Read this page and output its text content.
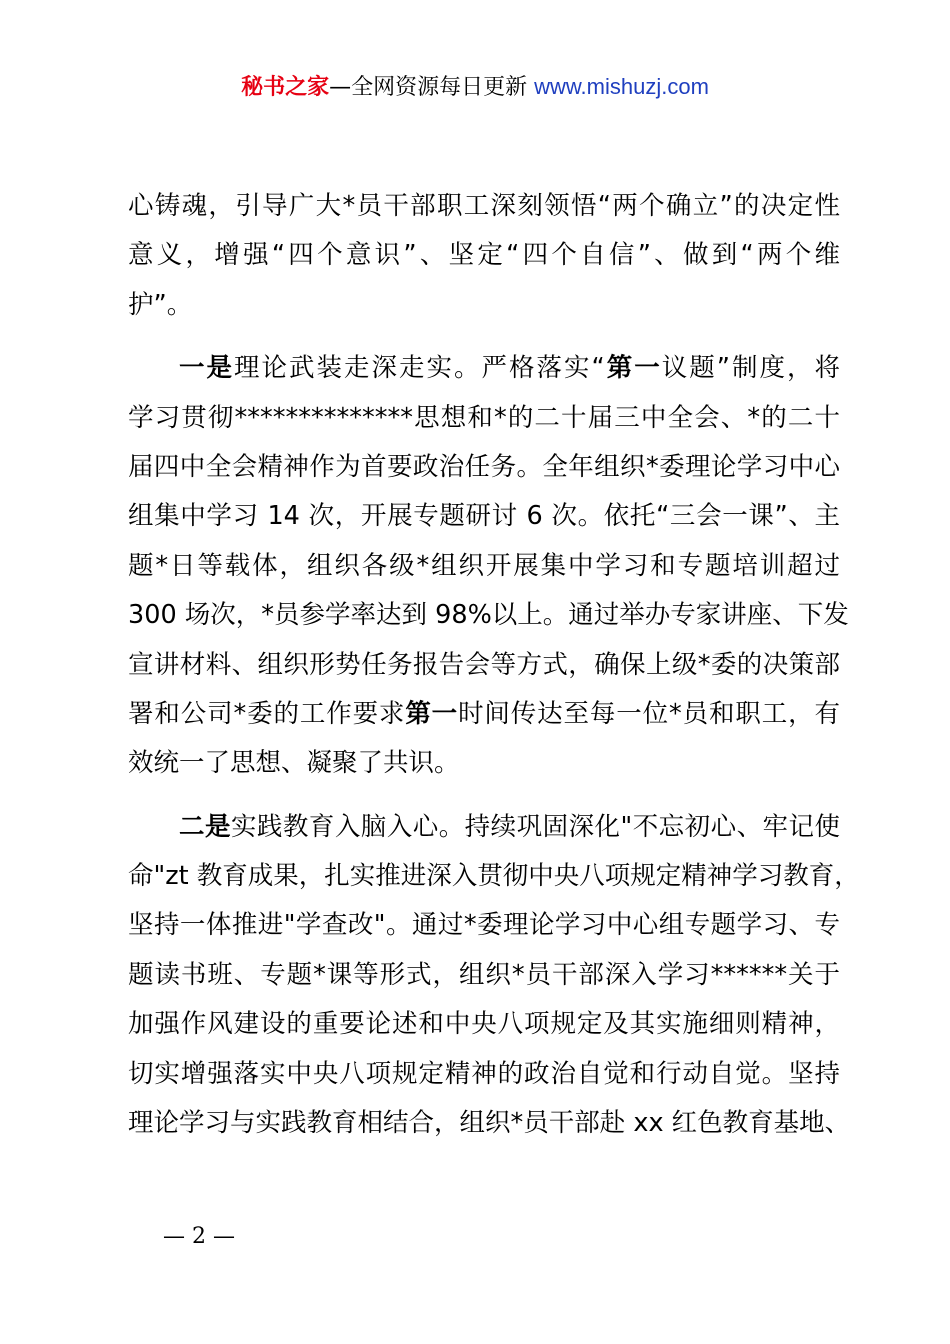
秘书之家—全网资源每日更新 www.mishuzj.com
心铸魂，引导广大*员干部职工深刻领悟“两个确立”的决定性
意义，增强“四个意识”、坚定“四个自信”、做到“两个维
护”。
一是理论武装走深走实。严格落实“第一议题”制度，将
学习贯彻**************思想和*的二十届三中全会、*的二十
届四中全会精神作为首要政治任务。全年组织*委理论学习中心
组集中学习 14 次，开展专题研讨 6 次。依托“三会一课”、主
题*日等载体，组织各级*组织开展集中学习和专题培训超过
300 场次，*员参学率达到 98%以上。通过举办专家讲座、下发
宣讲材料、组织形势任务报告会等方式，确保上级*委的决策部
署和公司*委的工作要求第一时间传达至每一位*员和职工，有
效统一了思想、凝聚了共识。
二是实践教育入脑入心。持续巩固深化"不忘初心、牢记使
命"zt 教育成果，扎实推进深入贯彻中央八项规定精神学习教育，
坚持一体推进"学查改"。通过*委理论学习中心组专题学习、专
题读书班、专题*课等形式，组织*员干部深入学习******关于
加强作风建设的重要论述和中央八项规定及其实施细则精神，
切实增强落实中央八项规定精神的政治自觉和行动自觉。坚持
理论学习与实践教育相结合，组织*员干部赴 xx 红色教育基地、
— 2 —
